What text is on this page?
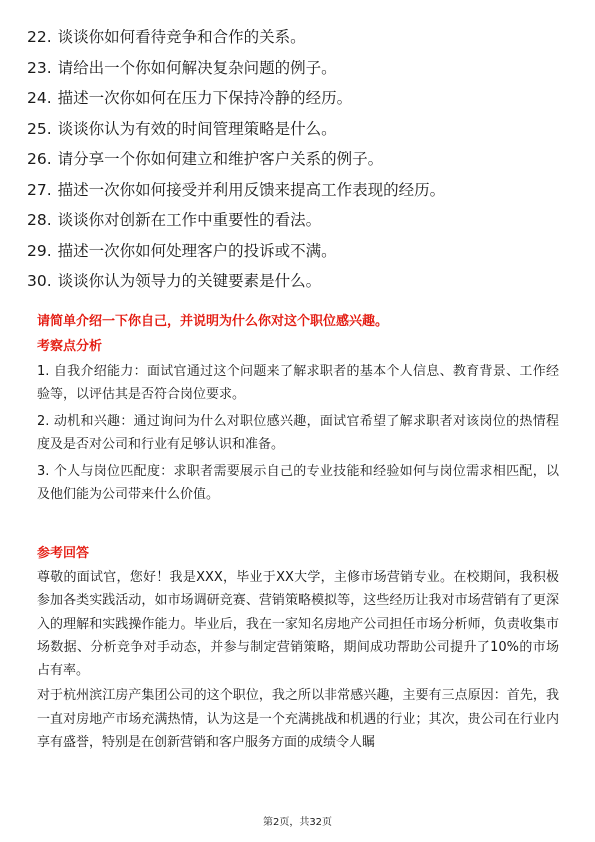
22. 谈谈你如何看待竞争和合作的关系。
23. 请给出一个你如何解决复杂问题的例子。
24. 描述一次你如何在压力下保持冷静的经历。
25. 谈谈你认为有效的时间管理策略是什么。
26. 请分享一个你如何建立和维护客户关系的例子。
27. 描述一次你如何接受并利用反馈来提高工作表现的经历。
28. 谈谈你对创新在工作中重要性的看法。
29. 描述一次你如何处理客户的投诉或不满。
30. 谈谈你认为领导力的关键要素是什么。
请简单介绍一下你自己，并说明为什么你对这个职位感兴趣。
考察点分析

1. 自我介绍能力：面试官通过这个问题来了解求职者的基本个人信息、教育背景、工作经验等，以评估其是否符合岗位要求。

2. 动机和兴趣：通过询问为什么对职位感兴趣，面试官希望了解求职者对该岗位的热情程度及是否对公司和行业有足够认识和准备。

3. 个人与岗位匹配度：求职者需要展示自己的专业技能和经验如何与岗位需求相匹配，以及他们能为公司带来什么价值。

参考回答

尊敬的面试官，您好！我是XXX，毕业于XX大学，主修市场营销专业。在校期间，我积极参加各类实践活动，如市场调研竞赛、营销策略模拟等，这些经历让我对市场营销有了更深入的理解和实践操作能力。毕业后，我在一家知名房地产公司担任市场分析师，负责收集市场数据、分析竞争对手动态，并参与制定营销策略，期间成功帮助公司提升了10%的市场占有率。

对于杭州滨江房产集团公司的这个职位，我之所以非常感兴趣，主要有三点原因：首先，我一直对房地产市场充满热情，认为这是一个充满挑战和机遇的行业；其次，贵公司在行业内享有盛誉，特别是在创新营销和客户服务方面的成绩令人瞩

第2页，共32页
